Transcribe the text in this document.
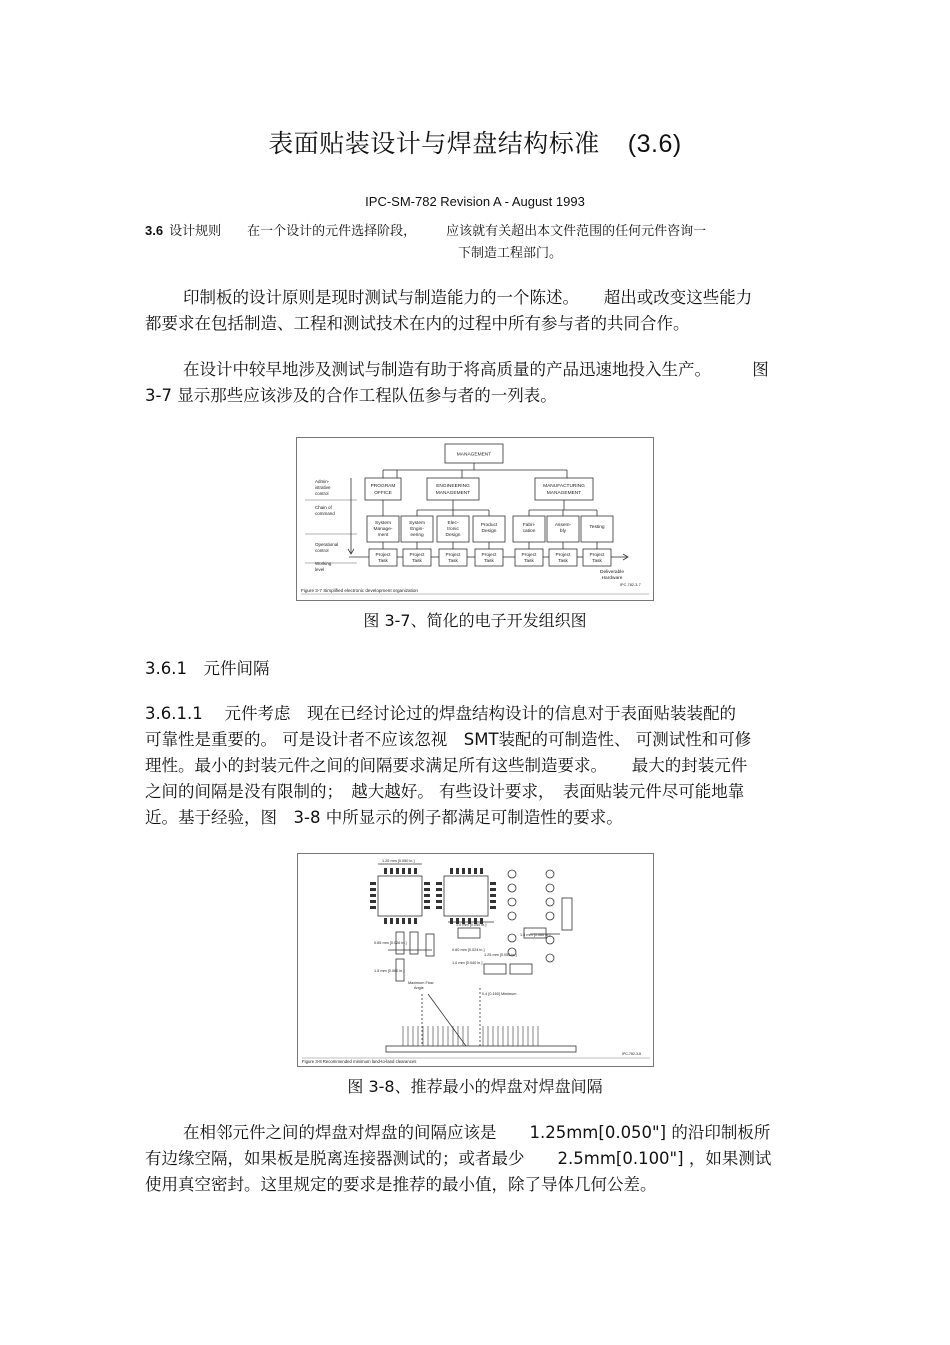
表面贴装设计与焊盘结构标准 (3.6)
IPC-SM-782 Revision A - August 1993
3.6 设计规则 在一个设计的元件选择阶段， 应该就有关超出本文件范围的任何元件咨询一
下制造工程部门。
印制板的设计原则是现时测试与制造能力的一个陈述。　　超出或改变这些能力
都要求在包括制造、工程和测试技术在内的过程中所有参与者的共同合作。
在设计中较早地涉及测试与制造有助于将高质量的产品迅速地投入生产。　　　图
3-7 显示那些应该涉及的合作工程队伍参与者的一列表。
MANAGEMENT
PROGRAM
OFFICE
ENGINEERING
MANAGEMENT
MANUFACTURING
MANAGEMENT
System
Manage-
ment
System
Engin-
eering
Elec-
tronic
Design
Product
Design
Fabri-
cation
Assem-
bly
Testing
Project
Task
Project
Task
Project
Task
Project
Task
Project
Task
Project
Task
Project
Task
Deliverable
Hardware
Admin-
istrative
control
Chain of
command
Operational
control
Working
level
Figure 3-7 Simplified electronic development organization
IPC-782-3-7
图 3-7、简化的电子开发组织图
3.6.1　元件间隔
3.6.1.1　 元件考虑　现在已经讨论过的焊盘结构设计的信息对于表面贴装装配的
可靠性是重要的。 可是设计者不应该忽视　SMT装配的可制造性、 可测试性和可修
理性。最小的封装元件之间的间隔要求满足所有这些制造要求。　　最大的封装元件
之间的间隔是没有限制的；　越大越好。 有些设计要求，　表面贴装元件尽可能地靠
近。基于经验，图　3-8 中所显示的例子都满足可制造性的要求。
1.25 mm [0.050 in.]
0.65 mm [0.026 in.]
1.0 mm [0.040 in.]
0.60 mm [0.024 in.]
1.5 mm [0.060 in.]
1.25 mm [0.050 in.]
1.0 mm [0.040 in.]
1.5 mm [0.060 in.]
Maximum Flow
Angle
0.4 [0.160] Minimum
Figure 3-8 Recommended minimum land-to-land clearances
IPC-782-3-8
图 3-8、推荐最小的焊盘对焊盘间隔
在相邻元件之间的焊盘对焊盘的间隔应该是　　1.25mm[0.050"] 的沿印制板所
有边缘空隔，如果板是脱离连接器测试的；或者最少　　2.5mm[0.100"] ，如果测试
使用真空密封。这里规定的要求是推荐的最小值，除了导体几何公差。
